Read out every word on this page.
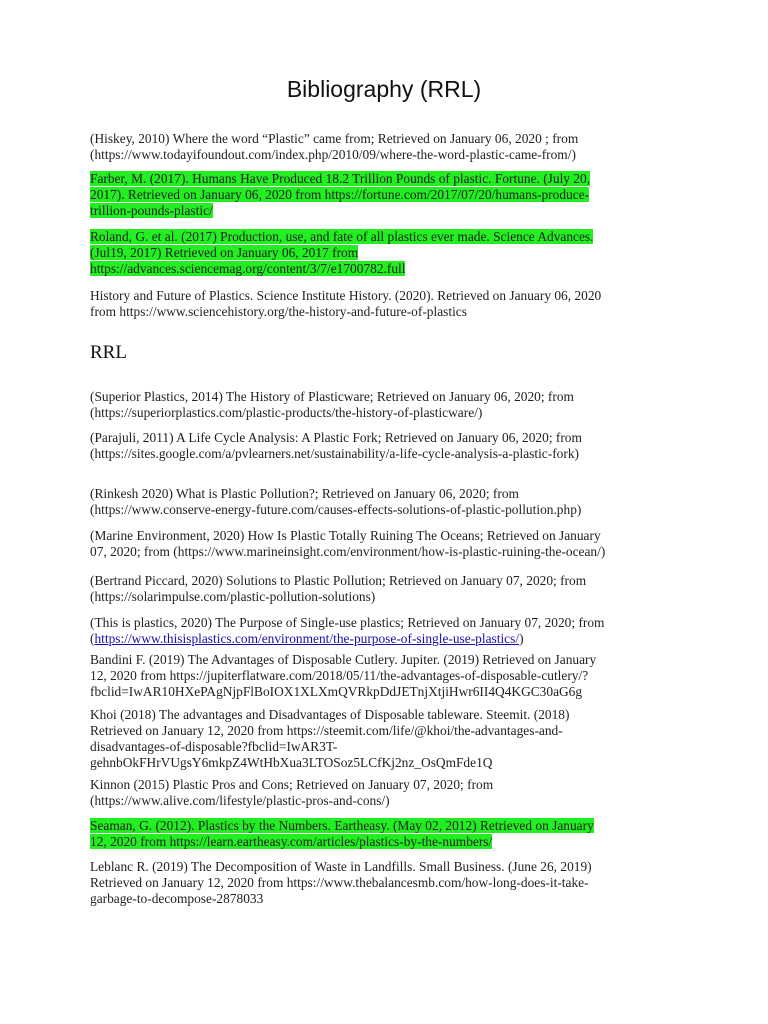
Bibliography (RRL)

(Hiskey, 2010) Where the word “Plastic” came from; Retrieved on January 06, 2020 ; from
(https://www.todayifoundout.com/index.php/2010/09/where-the-word-plastic-came-from/)

Farber, M. (2017). Humans Have Produced 18.2 Trillion Pounds of plastic. Fortune. (July 20,
2017). Retrieved on January 06, 2020 from https://fortune.com/2017/07/20/humans-produce-
trillion-pounds-plastic/

Roland, G. et al. (2017) Production, use, and fate of all plastics ever made. Science Advances.
(Jul19, 2017) Retrieved on January 06, 2017 from
https://advances.sciencemag.org/content/3/7/e1700782.full

History and Future of Plastics. Science Institute History. (2020). Retrieved on January 06, 2020
from https://www.sciencehistory.org/the-history-and-future-of-plastics

RRL

(Superior Plastics, 2014) The History of Plasticware; Retrieved on January 06, 2020; from
(https://superiorplastics.com/plastic-products/the-history-of-plasticware/)

(Parajuli, 2011) A Life Cycle Analysis: A Plastic Fork; Retrieved on January 06, 2020; from
(https://sites.google.com/a/pvlearners.net/sustainability/a-life-cycle-analysis-a-plastic-fork)

(Rinkesh 2020) What is Plastic Pollution?; Retrieved on January 06, 2020; from
(https://www.conserve-energy-future.com/causes-effects-solutions-of-plastic-pollution.php)

(Marine Environment, 2020) How Is Plastic Totally Ruining The Oceans; Retrieved on January
07, 2020; from (https://www.marineinsight.com/environment/how-is-plastic-ruining-the-ocean/)

(Bertrand Piccard, 2020) Solutions to Plastic Pollution; Retrieved on January 07, 2020; from
(https://solarimpulse.com/plastic-pollution-solutions)

(This is plastics, 2020) The Purpose of Single-use plastics; Retrieved on January 07, 2020; from
(https://www.thisisplastics.com/environment/the-purpose-of-single-use-plastics/)

Bandini F. (2019) The Advantages of Disposable Cutlery. Jupiter. (2019) Retrieved on January
12, 2020 from https://jupiterflatware.com/2018/05/11/the-advantages-of-disposable-cutlery/?
fbclid=IwAR10HXePAgNjpFlBoIOX1XLXmQVRkpDdJETnjXtjiHwr6II4Q4KGC30aG6g

Khoi (2018) The advantages and Disadvantages of Disposable tableware. Steemit. (2018)
Retrieved on January 12, 2020 from https://steemit.com/life/@khoi/the-advantages-and-
disadvantages-of-disposable?fbclid=IwAR3T-
gehnbOkFHrVUgsY6mkpZ4WtHbXua3LTOSoz5LCfKj2nz_OsQmFde1Q

Kinnon (2015) Plastic Pros and Cons; Retrieved on January 07, 2020; from
(https://www.alive.com/lifestyle/plastic-pros-and-cons/)

Seaman, G. (2012). Plastics by the Numbers. Eartheasy. (May 02, 2012) Retrieved on January
12, 2020 from https://learn.eartheasy.com/articles/plastics-by-the-numbers/

Leblanc R. (2019) The Decomposition of Waste in Landfills. Small Business. (June 26, 2019)
Retrieved on January 12, 2020 from https://www.thebalancesmb.com/how-long-does-it-take-
garbage-to-decompose-2878033
